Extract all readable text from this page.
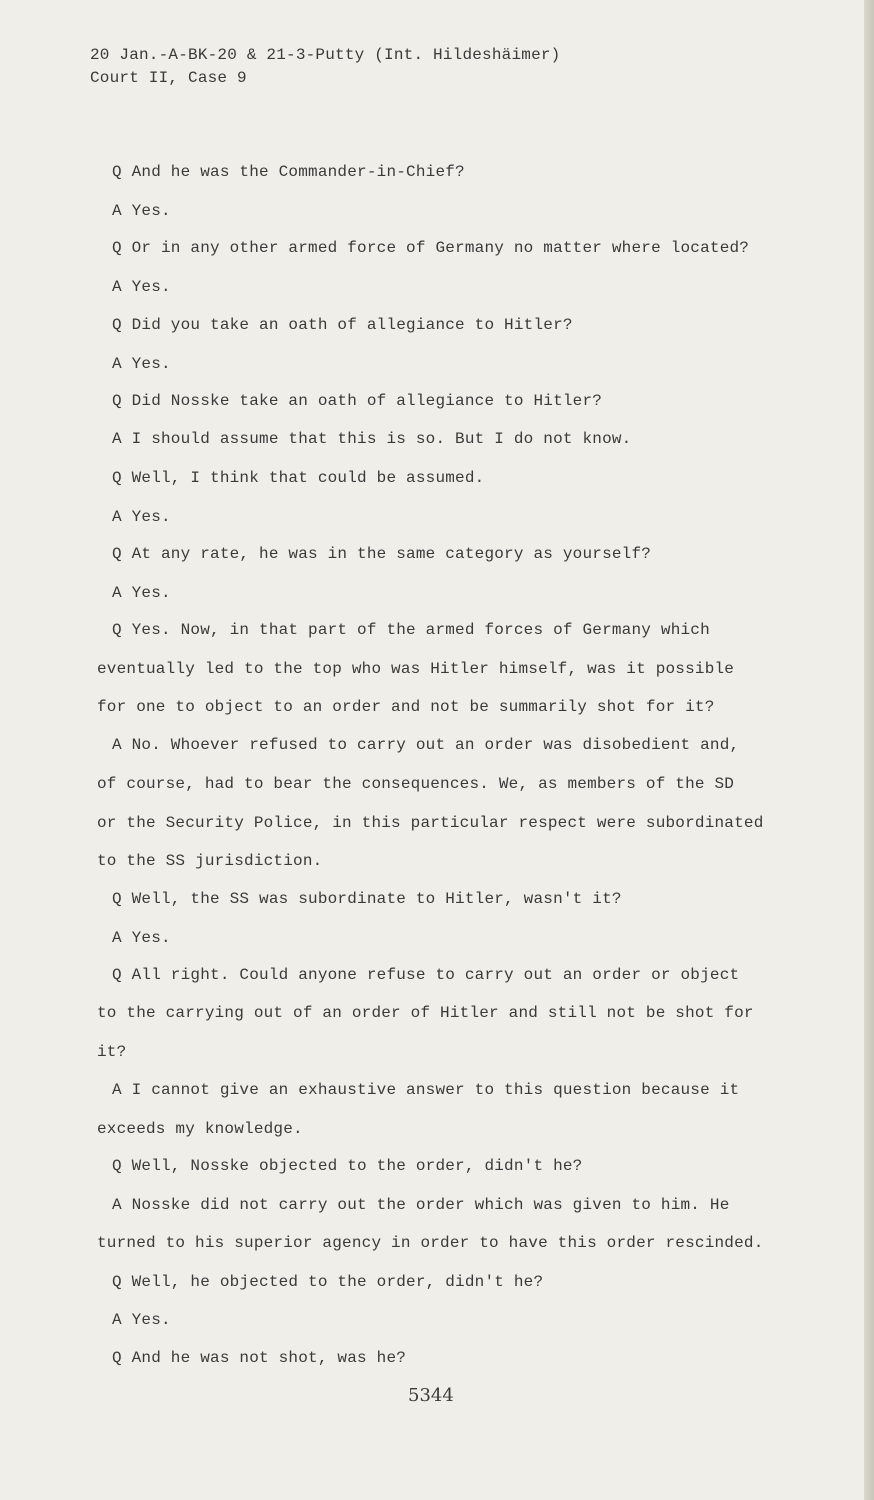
20 Jan.-A-BK-20 & 21-3-Putty (Int. Hildeshäimer)
Court II, Case 9
Q And he was the Commander-in-Chief?
A Yes.
Q Or in any other armed force of Germany no matter where located?
A Yes.
Q Did you take an oath of allegiance to Hitler?
A Yes.
Q Did Nosske take an oath of allegiance to Hitler?
A I should assume that this is so. But I do not know.
Q Well, I think that could be assumed.
A Yes.
Q At any rate, he was in the same category as yourself?
A Yes.
Q Yes. Now, in that part of the armed forces of Germany which
eventually led to the top who was Hitler himself, was it possible
for one to object to an order and not be summarily shot for it?
A No. Whoever refused to carry out an order was disobedient and,
of course, had to bear the consequences. We, as members of the SD
or the Security Police, in this particular respect were subordinated
to the SS jurisdiction.
Q Well, the SS was subordinate to Hitler, wasn't it?
A Yes.
Q All right. Could anyone refuse to carry out an order or object
to the carrying out of an order of Hitler and still not be shot for
it?
A I cannot give an exhaustive answer to this question because it
exceeds my knowledge.
Q Well, Nosske objected to the order, didn't he?
A Nosske did not carry out the order which was given to him. He
turned to his superior agency in order to have this order rescinded.
Q Well, he objected to the order, didn't he?
A Yes.
Q And he was not shot, was he?
5344
